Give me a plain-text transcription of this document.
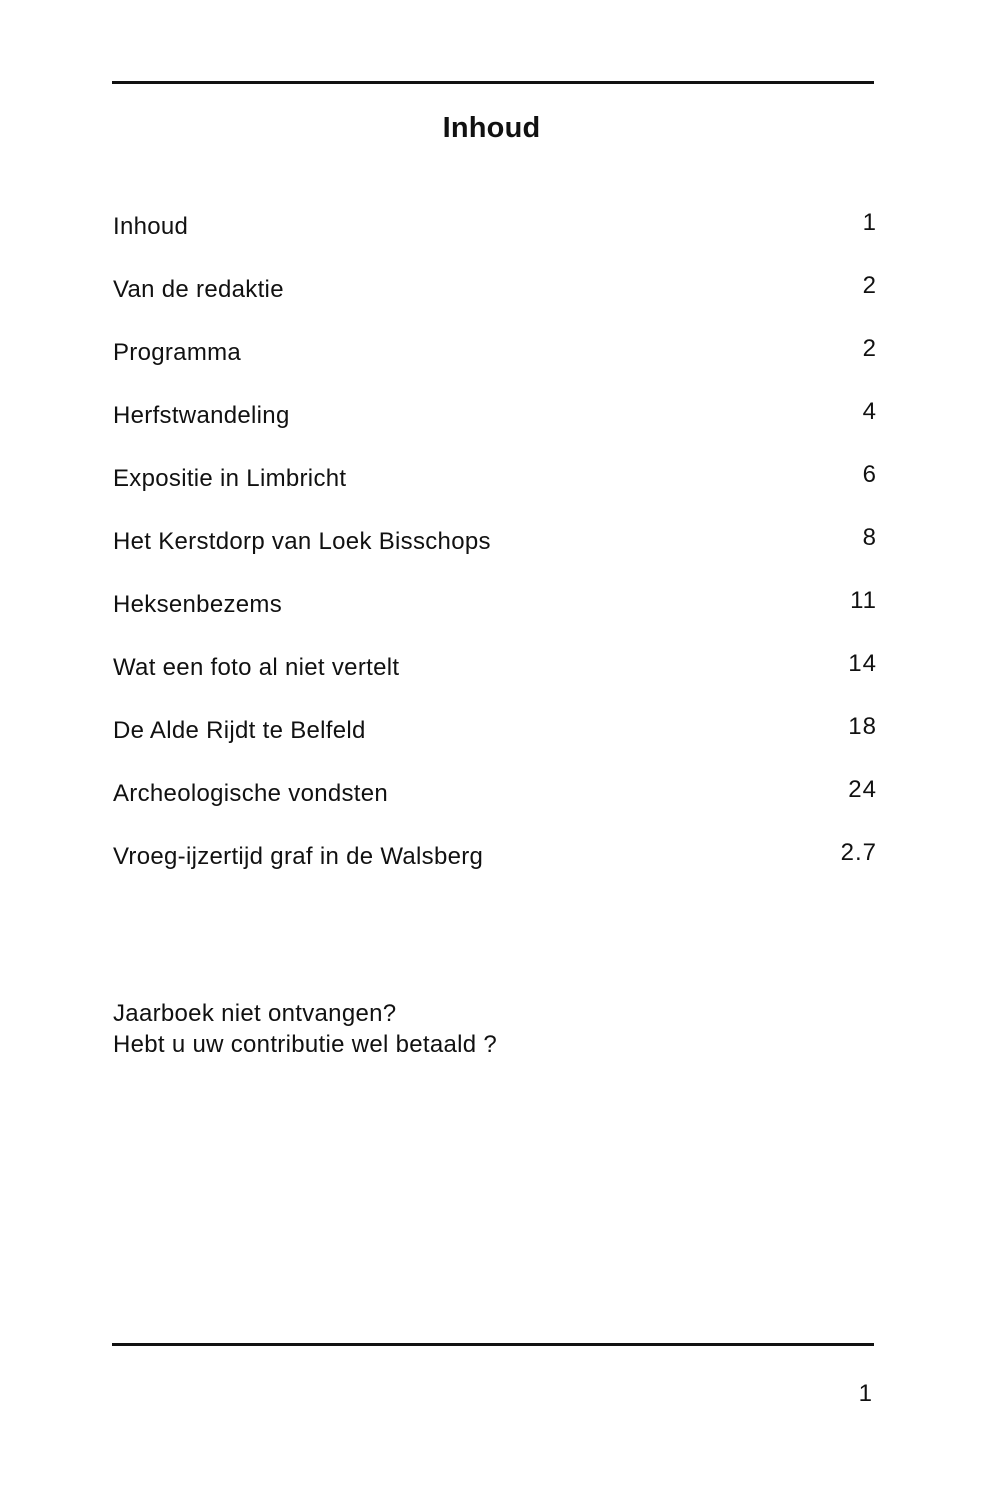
Inhoud
Inhoud	1
Van de redaktie	2
Programma	2
Herfstwandeling	4
Expositie in Limbricht	6
Het Kerstdorp van Loek Bisschops	8
Heksenbezems	11
Wat een foto al niet vertelt	14
De Alde Rijdt te Belfeld	18
Archeologische vondsten	24
Vroeg-ijzertijd graf in de Walsberg	2.7
Jaarboek niet ontvangen?
Hebt u uw contributie wel betaald ?
1
